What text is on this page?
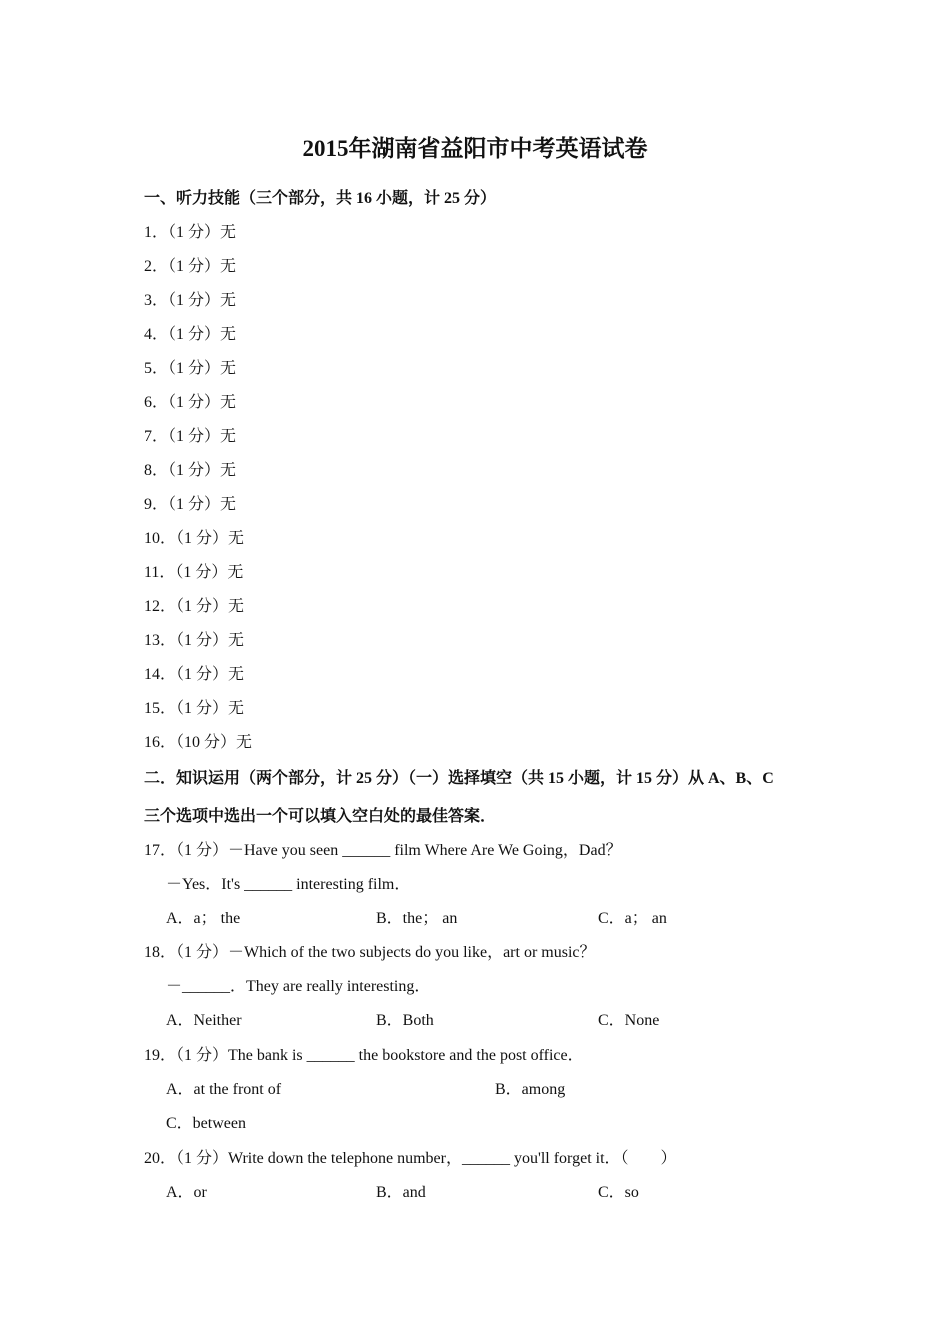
2015年湖南省益阳市中考英语试卷
一、听力技能（三个部分，共 16 小题，计 25 分）
1．（1 分）无
2．（1 分）无
3．（1 分）无
4．（1 分）无
5．（1 分）无
6．（1 分）无
7．（1 分）无
8．（1 分）无
9．（1 分）无
10．（1 分）无
11．（1 分）无
12．（1 分）无
13．（1 分）无
14．（1 分）无
15．（1 分）无
16．（10 分）无
二．知识运用（两个部分，计 25 分）（一）选择填空（共 15 小题，计 15 分）从 A、B、C
三个选项中选出一个可以填入空白处的最佳答案．
17．（1 分）－Have you seen ______ film Where Are We Going，Dad？
－Yes．It's ______ interesting film．
A．a； the	B．the； an	C．a； an
18．（1 分）－Which of the two subjects do you like，art or music？
－______．They are really interesting．
A．Neither	B．Both	C．None
19．（1 分）The bank is ______ the bookstore and the post office．
A．at the front of	B．among
C．between
20．（1 分）Write down the telephone number，______ you'll forget it．（　　）
A．or	B．and	C．so
